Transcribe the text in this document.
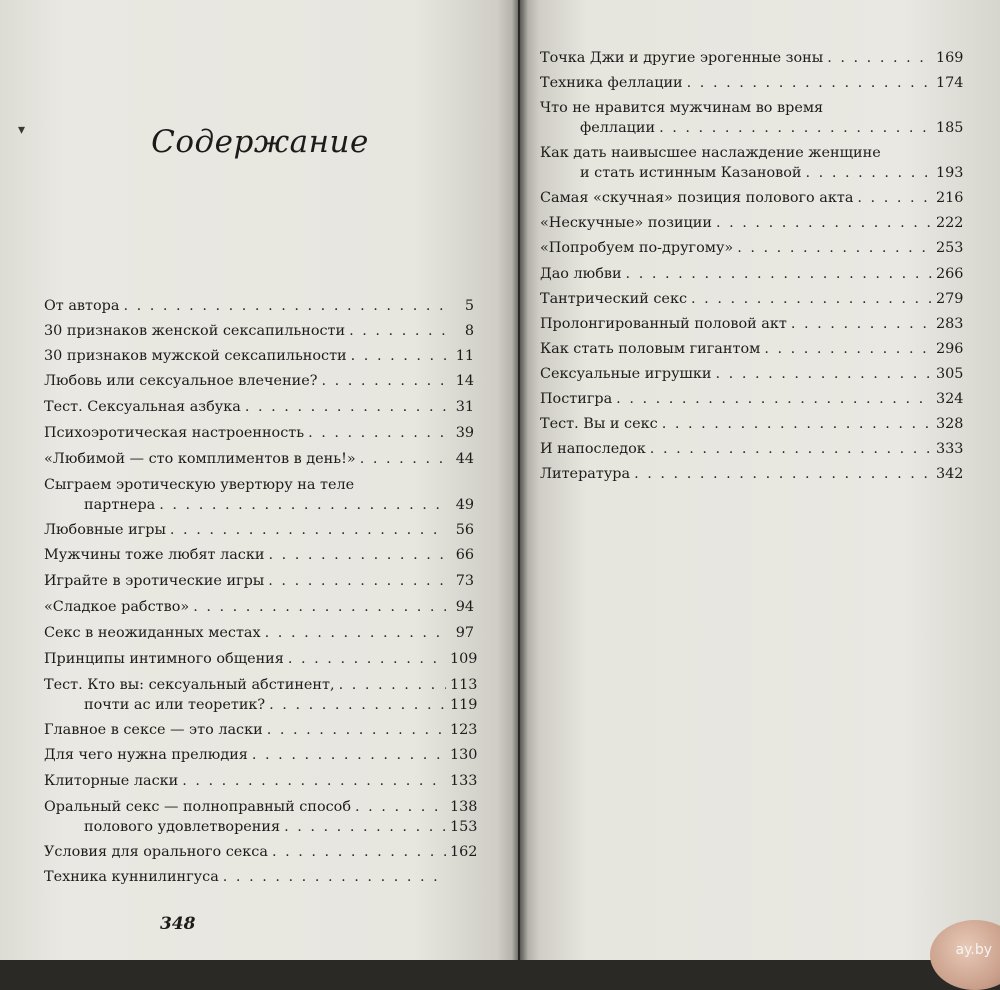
▾	Содержание
От автора . . .	5
30 признаков женской сексапильности . . .	8
30 признаков мужской сексапильности . . .	11
Любовь или сексуальное влечение? . . .	14
Тест. Сексуальная азбука . . .	31
Психоэротическая настроенность . . .	39
«Любимой — сто комплиментов в день!» . . .	44
Сыграем эротическую увертюру на теле
партнера . . .	49
Любовные игры . . .	56
Мужчины тоже любят ласки . . .	66
Играйте в эротические игры . . .	73
«Сладкое рабство» . . .	94
Секс в неожиданных местах . . .	97
Принципы интимного общения . . .	109
Тест. Кто вы: сексуальный абстинент, . . .	113
почти ас или теоретик? . . .	119
Главное в сексе — это ласки . . .	123
Для чего нужна прелюдия . . .	130
Клиторные ласки . . .	133
Оральный секс — полноправный способ . . .	138
полового удовлетворения . . .	153
Условия для орального секса . . .	162
Техника куннилингуса
. . .
348
Точка Джи и другие эрогенные зоны . . .	169
Техника феллации . . .	174
Что не нравится мужчинам во время
феллации . . .	185
Как дать наивысшее наслаждение женщине
и стать истинным Казановой . . .	193
Самая «скучная» позиция полового акта . . .	216
«Нескучные» позиции . . .	222
«Попробуем по-другому» . . .	253
Дао любви . . .	266
Тантрический секс . . .	279
Пролонгированный половой акт . . .	283
Как стать половым гигантом . . .	296
Сексуальные игрушки . . .	305
Постигра . . .	324
Тест. Вы и секс . . .	328
И напоследок . . .	333
Литература . . .	342
ay.by
